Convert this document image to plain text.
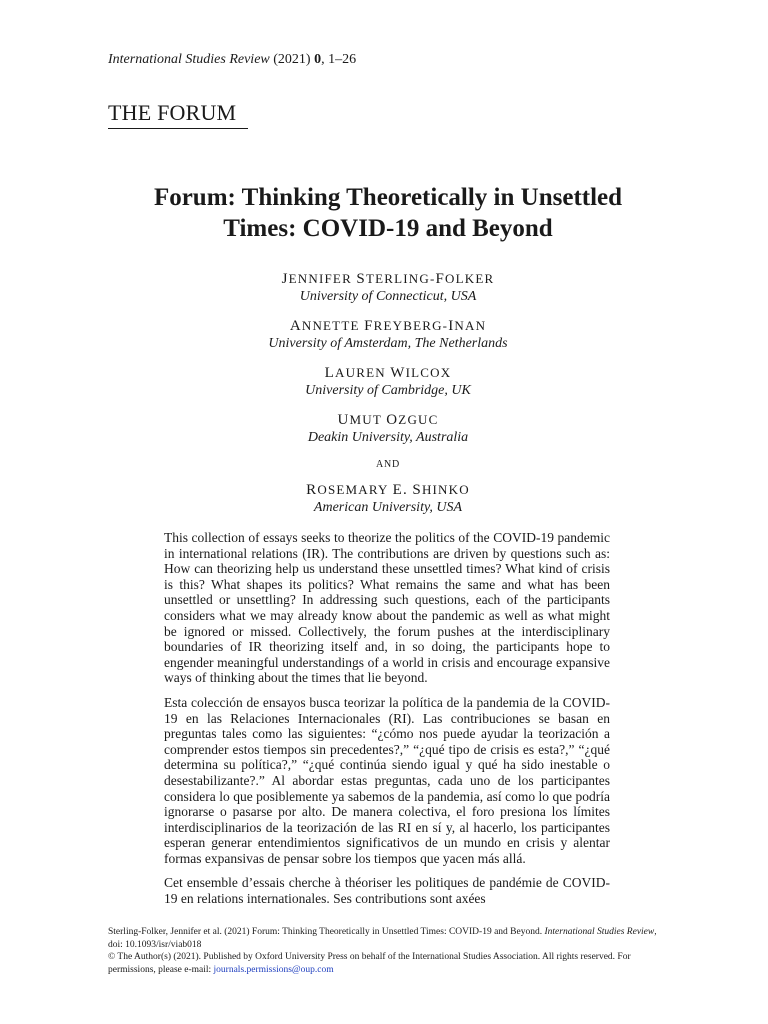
International Studies Review (2021) 0, 1–26
THE FORUM
Forum: Thinking Theoretically in Unsettled
Times: COVID-19 and Beyond
JENNIFER STERLING-FOLKER
University of Connecticut, USA
ANNETTE FREYBERG-INAN
University of Amsterdam, The Netherlands
LAUREN WILCOX
University of Cambridge, UK
UMUT OZGUC
Deakin University, Australia
AND
ROSEMARY E. SHINKO
American University, USA

This collection of essays seeks to theorize the politics of the COVID-19 pandemic in international relations (IR). The contributions are driven by questions such as: How can theorizing help us understand these unsettled times? What kind of crisis is this? What shapes its politics? What remains the same and what has been unsettled or unsettling? In addressing such questions, each of the participants considers what we may already know about the pandemic as well as what might be ignored or missed. Collectively, the forum pushes at the interdisciplinary boundaries of IR theorizing itself and, in so doing, the participants hope to engender meaningful understandings of a world in crisis and encourage expansive ways of thinking about the times that lie beyond.

Esta colección de ensayos busca teorizar la política de la pandemia de la COVID-19 en las Relaciones Internacionales (RI). Las contribuciones se basan en preguntas tales como las siguientes: “¿cómo nos puede ayudar la teorización a comprender estos tiempos sin precedentes?,” “¿qué tipo de crisis es esta?,” “¿qué determina su política?,” “¿qué continúa siendo igual y qué ha sido inestable o desestabilizante?.” Al abordar estas preguntas, cada uno de los participantes considera lo que posiblemente ya sabemos de la pandemia, así como lo que podría ignorarse o pasarse por alto. De manera colectiva, el foro presiona los límites interdisciplinarios de la teorización de las RI en sí y, al hacerlo, los participantes esperan generar entendimientos significativos de un mundo en crisis y alentar formas expansivas de pensar sobre los tiempos que yacen más allá.

Cet ensemble d’essais cherche à théoriser les politiques de pandémie de COVID-19 en relations internationales. Ses contributions sont axées

Sterling-Folker, Jennifer et al. (2021) Forum: Thinking Theoretically in Unsettled Times: COVID-19 and Beyond. International Studies Review, doi: 10.1093/isr/viab018

© The Author(s) (2021). Published by Oxford University Press on behalf of the International Studies Association. All rights reserved. For permissions, please e-mail: journals.permissions@oup.com
